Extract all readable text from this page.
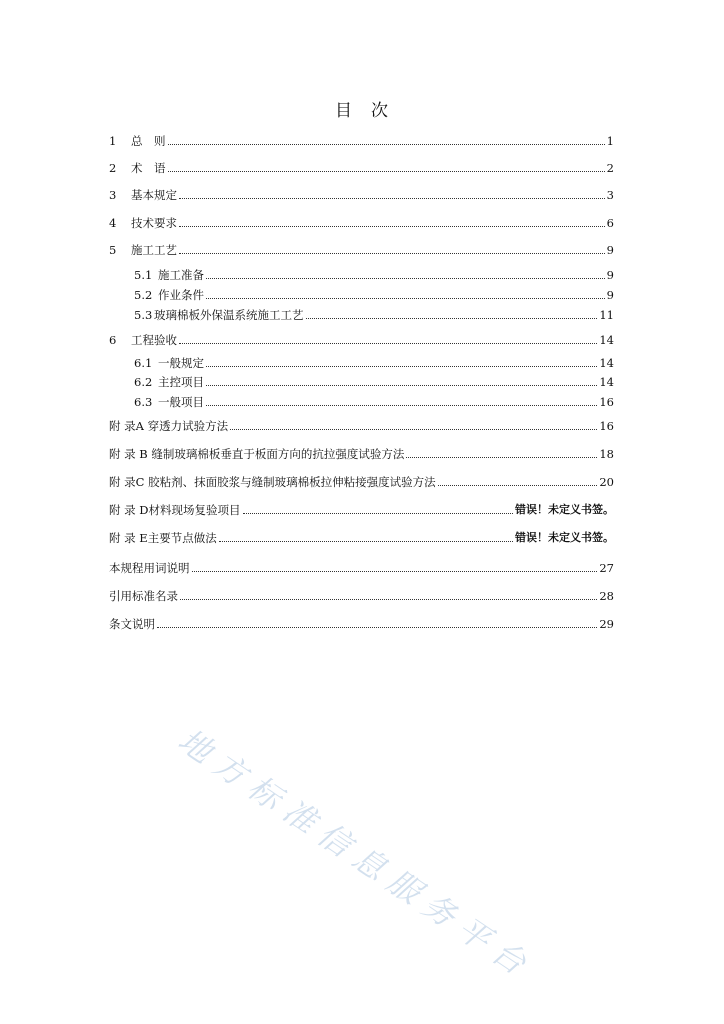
目　次
1	总　则	1
2	术　语	2
3	基本规定	3
4	技术要求	6
5	施工工艺	9
5.1 施工准备	9
5.2 作业条件	9
5.3 玻璃棉板外保温系统施工工艺	11
6	工程验收	14
6.1 一般规定	14
6.2 主控项目	14
6.3 一般项目	16
附 录A 穿透力试验方法	16
附 录 B 缝制玻璃棉板垂直于板面方向的抗拉强度试验方法	18
附 录C 胶粘剂、抹面胶浆与缝制玻璃棉板拉伸粘接强度试验方法	20
附 录 D材料现场复验项目	错误！未定义书签。
附 录 E主要节点做法	错误！未定义书签。
本规程用词说明	27
引用标准名录	28
条文说明	29
地方标准信息服务平台
